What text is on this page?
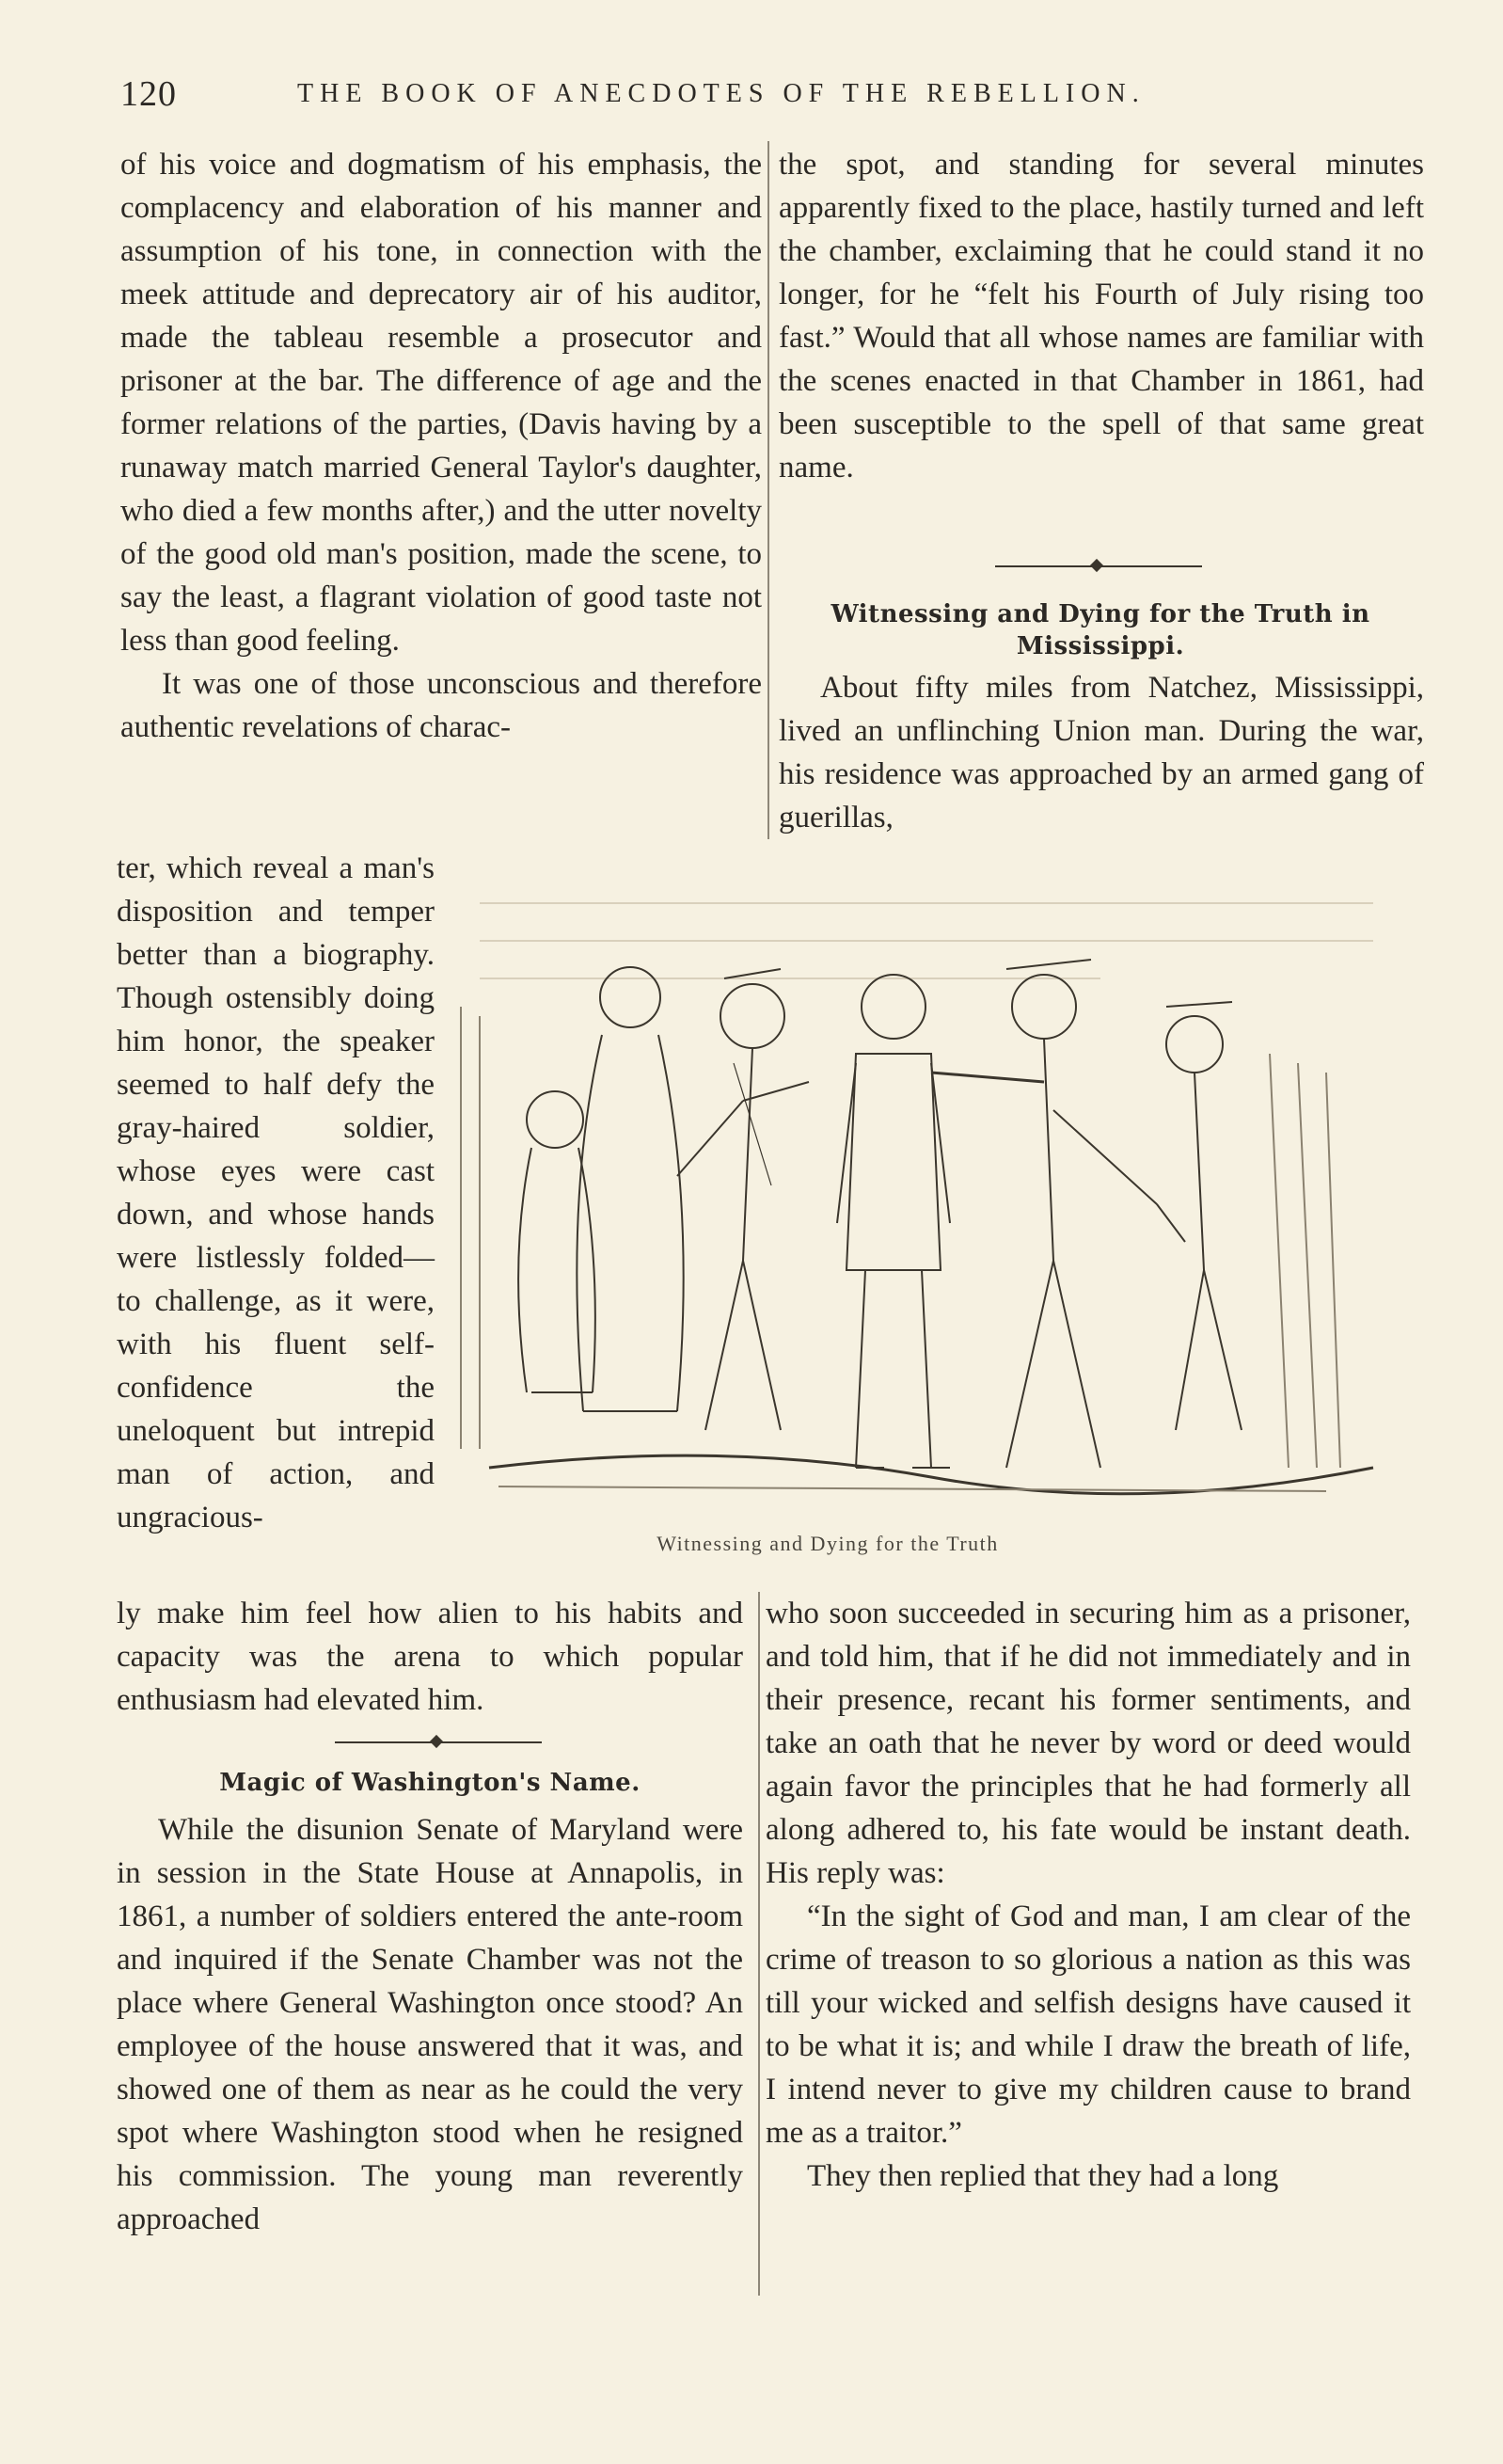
120	THE BOOK OF ANECDOTES OF THE REBELLION.

of his voice and dogmatism of his emphasis, the complacency and elaboration of his manner and assumption of his tone, in connection with the meek attitude and deprecatory air of his auditor, made the tableau resemble a prosecutor and prisoner at the bar. The difference of age and the former relations of the parties, (Davis having by a runaway match married General Taylor's daughter, who died a few months after,) and the utter novelty of the good old man's position, made the scene, to say the least, a flagrant violation of good taste not less than good feeling.

It was one of those unconscious and therefore authentic revelations of charac-

the spot, and standing for several minutes apparently fixed to the place, hastily turned and left the chamber, exclaiming that he could stand it no longer, for he “felt his Fourth of July rising too fast.” Would that all whose names are familiar with the scenes enacted in that Chamber in 1861, had been susceptible to the spell of that same great name.

Witnessing and Dying for the Truth in Mississippi.

About fifty miles from Natchez, Mississippi, lived an unflinching Union man. During the war, his residence was approached by an armed gang of guerillas,

ter, which reveal a man's disposition and temper better than a biography. Though ostensibly doing him honor, the speaker seemed to half defy the gray-haired soldier, whose eyes were cast down, and whose hands were listlessly folded—to challenge, as it were, with his fluent self-confidence the uneloquent but intrepid man of action, and ungracious-

Witnessing and Dying for the Truth

ly make him feel how alien to his habits and capacity was the arena to which popular enthusiasm had elevated him.

Magic of Washington's Name.

While the disunion Senate of Maryland were in session in the State House at Annapolis, in 1861, a number of soldiers entered the ante-room and inquired if the Senate Chamber was not the place where General Washington once stood? An employee of the house answered that it was, and showed one of them as near as he could the very spot where Washington stood when he resigned his commission. The young man reverently approached

who soon succeeded in securing him as a prisoner, and told him, that if he did not immediately and in their presence, recant his former sentiments, and take an oath that he never by word or deed would again favor the principles that he had formerly all along adhered to, his fate would be instant death. His reply was:

“In the sight of God and man, I am clear of the crime of treason to so glorious a nation as this was till your wicked and selfish designs have caused it to be what it is; and while I draw the breath of life, I intend never to give my children cause to brand me as a traitor.”

They then replied that they had a long
